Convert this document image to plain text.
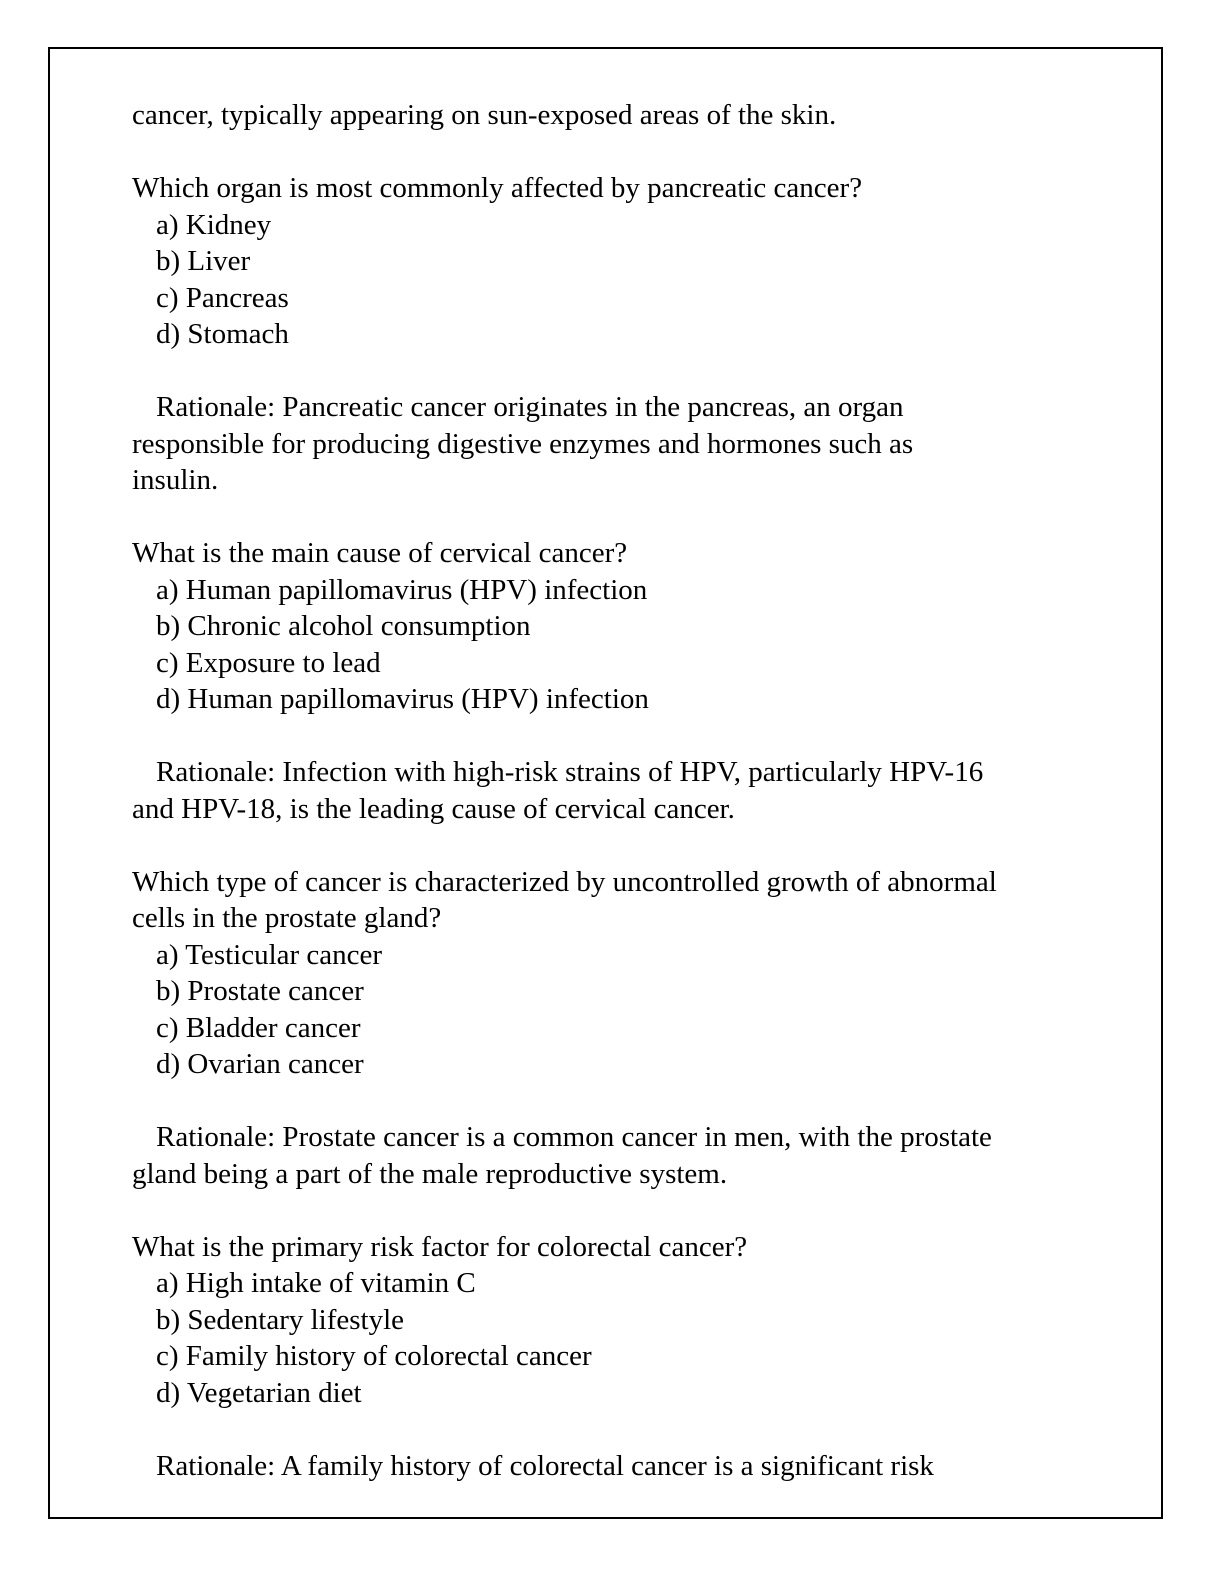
cancer, typically appearing on sun-exposed areas of the skin.
Which organ is most commonly affected by pancreatic cancer?
a) Kidney
b) Liver
c) Pancreas
d) Stomach
Rationale: Pancreatic cancer originates in the pancreas, an organ
responsible for producing digestive enzymes and hormones such as
insulin.
What is the main cause of cervical cancer?
a) Human papillomavirus (HPV) infection
b) Chronic alcohol consumption
c) Exposure to lead
d) Human papillomavirus (HPV) infection
Rationale: Infection with high-risk strains of HPV, particularly HPV-16
and HPV-18, is the leading cause of cervical cancer.
Which type of cancer is characterized by uncontrolled growth of abnormal
cells in the prostate gland?
a) Testicular cancer
b) Prostate cancer
c) Bladder cancer
d) Ovarian cancer
Rationale: Prostate cancer is a common cancer in men, with the prostate
gland being a part of the male reproductive system.
What is the primary risk factor for colorectal cancer?
a) High intake of vitamin C
b) Sedentary lifestyle
c) Family history of colorectal cancer
d) Vegetarian diet
Rationale: A family history of colorectal cancer is a significant risk
